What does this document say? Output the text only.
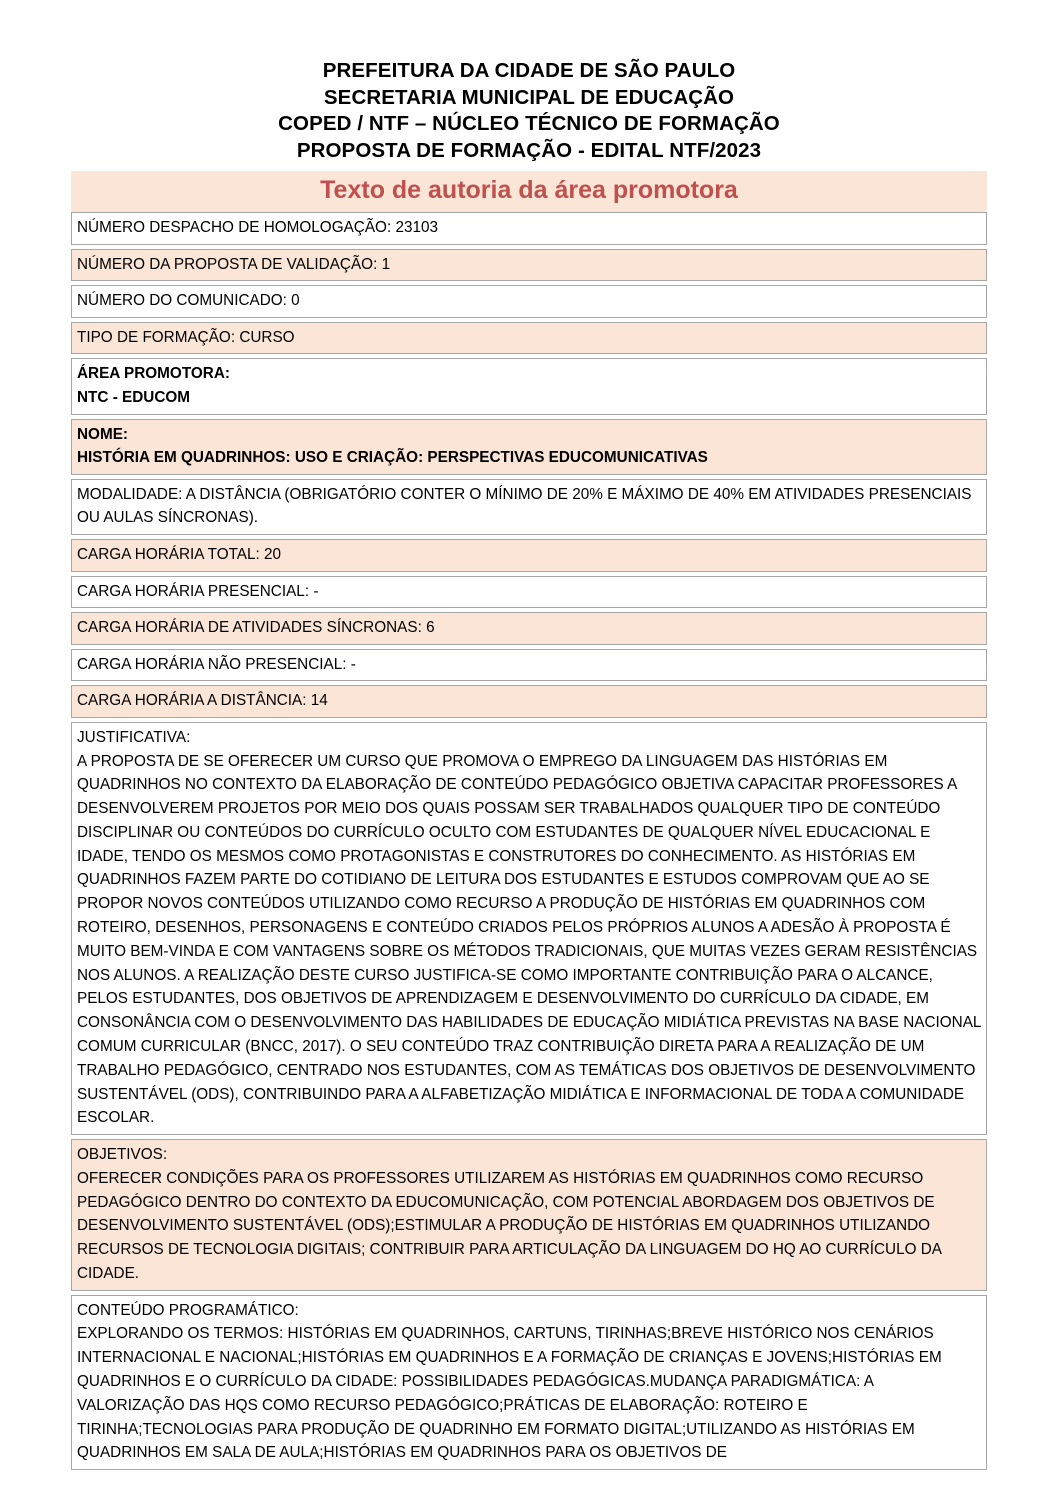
PREFEITURA DA CIDADE DE SÃO PAULO
SECRETARIA MUNICIPAL DE EDUCAÇÃO
COPED / NTF – NÚCLEO TÉCNICO DE FORMAÇÃO
PROPOSTA DE FORMAÇÃO - EDITAL NTF/2023
Texto de autoria da área promotora
NÚMERO DESPACHO DE HOMOLOGAÇÃO: 23103

NÚMERO DA PROPOSTA DE VALIDAÇÃO: 1

NÚMERO DO COMUNICADO: 0

TIPO DE FORMAÇÃO: CURSO

ÁREA PROMOTORA:

NTC - EDUCOM

NOME:

HISTÓRIA EM QUADRINHOS: USO E CRIAÇÃO: PERSPECTIVAS EDUCOMUNICATIVAS

MODALIDADE: A DISTÂNCIA (OBRIGATÓRIO CONTER O MÍNIMO DE 20% E MÁXIMO DE 40% EM ATIVIDADES PRESENCIAIS OU AULAS SÍNCRONAS).

CARGA HORÁRIA TOTAL: 20

CARGA HORÁRIA PRESENCIAL: -

CARGA HORÁRIA DE ATIVIDADES SÍNCRONAS: 6

CARGA HORÁRIA NÃO PRESENCIAL: -

CARGA HORÁRIA A DISTÂNCIA: 14

JUSTIFICATIVA:

A PROPOSTA DE SE OFERECER UM CURSO QUE PROMOVA O EMPREGO DA LINGUAGEM DAS HISTÓRIAS EM QUADRINHOS NO CONTEXTO DA ELABORAÇÃO DE CONTEÚDO PEDAGÓGICO OBJETIVA CAPACITAR PROFESSORES A DESENVOLVEREM PROJETOS POR MEIO DOS QUAIS POSSAM SER TRABALHADOS QUALQUER TIPO DE CONTEÚDO DISCIPLINAR OU CONTEÚDOS DO CURRÍCULO OCULTO COM ESTUDANTES DE QUALQUER NÍVEL EDUCACIONAL E IDADE, TENDO OS MESMOS COMO PROTAGONISTAS E CONSTRUTORES DO CONHECIMENTO. AS HISTÓRIAS EM QUADRINHOS FAZEM PARTE DO COTIDIANO DE LEITURA DOS ESTUDANTES E ESTUDOS COMPROVAM QUE AO SE PROPOR NOVOS CONTEÚDOS UTILIZANDO COMO RECURSO A PRODUÇÃO DE HISTÓRIAS EM QUADRINHOS COM ROTEIRO, DESENHOS, PERSONAGENS E CONTEÚDO CRIADOS PELOS PRÓPRIOS ALUNOS A ADESÃO À PROPOSTA É MUITO BEM-VINDA E COM VANTAGENS SOBRE OS MÉTODOS TRADICIONAIS, QUE MUITAS VEZES GERAM RESISTÊNCIAS NOS ALUNOS. A REALIZAÇÃO DESTE CURSO JUSTIFICA-SE COMO IMPORTANTE CONTRIBUIÇÃO PARA O ALCANCE, PELOS ESTUDANTES, DOS OBJETIVOS DE APRENDIZAGEM E DESENVOLVIMENTO DO CURRÍCULO DA CIDADE, EM CONSONÂNCIA COM O DESENVOLVIMENTO DAS HABILIDADES DE EDUCAÇÃO MIDIÁTICA PREVISTAS NA BASE NACIONAL COMUM CURRICULAR (BNCC, 2017). O SEU CONTEÚDO TRAZ CONTRIBUIÇÃO DIRETA PARA A REALIZAÇÃO DE UM TRABALHO PEDAGÓGICO, CENTRADO NOS ESTUDANTES, COM AS TEMÁTICAS DOS OBJETIVOS DE DESENVOLVIMENTO SUSTENTÁVEL (ODS), CONTRIBUINDO PARA A ALFABETIZAÇÃO MIDIÁTICA E INFORMACIONAL DE TODA A COMUNIDADE ESCOLAR.

OBJETIVOS:

OFERECER CONDIÇÕES PARA OS PROFESSORES UTILIZAREM AS HISTÓRIAS EM QUADRINHOS COMO RECURSO PEDAGÓGICO DENTRO DO CONTEXTO DA EDUCOMUNICAÇÃO, COM POTENCIAL ABORDAGEM DOS OBJETIVOS DE DESENVOLVIMENTO SUSTENTÁVEL (ODS);ESTIMULAR A PRODUÇÃO DE HISTÓRIAS EM QUADRINHOS UTILIZANDO RECURSOS DE TECNOLOGIA DIGITAIS; CONTRIBUIR PARA ARTICULAÇÃO DA LINGUAGEM DO HQ AO CURRÍCULO DA CIDADE.

CONTEÚDO PROGRAMÁTICO:

EXPLORANDO OS TERMOS: HISTÓRIAS EM QUADRINHOS, CARTUNS, TIRINHAS;BREVE HISTÓRICO NOS CENÁRIOS INTERNACIONAL E NACIONAL;HISTÓRIAS EM QUADRINHOS E A FORMAÇÃO DE CRIANÇAS E JOVENS;HISTÓRIAS EM QUADRINHOS E O CURRÍCULO DA CIDADE: POSSIBILIDADES PEDAGÓGICAS.MUDANÇA PARADIGMÁTICA: A VALORIZAÇÃO DAS HQS COMO RECURSO PEDAGÓGICO;PRÁTICAS DE ELABORAÇÃO: ROTEIRO E TIRINHA;TECNOLOGIAS PARA PRODUÇÃO DE QUADRINHO EM FORMATO DIGITAL;UTILIZANDO AS HISTÓRIAS EM QUADRINHOS EM SALA DE AULA;HISTÓRIAS EM QUADRINHOS PARA OS OBJETIVOS DE
